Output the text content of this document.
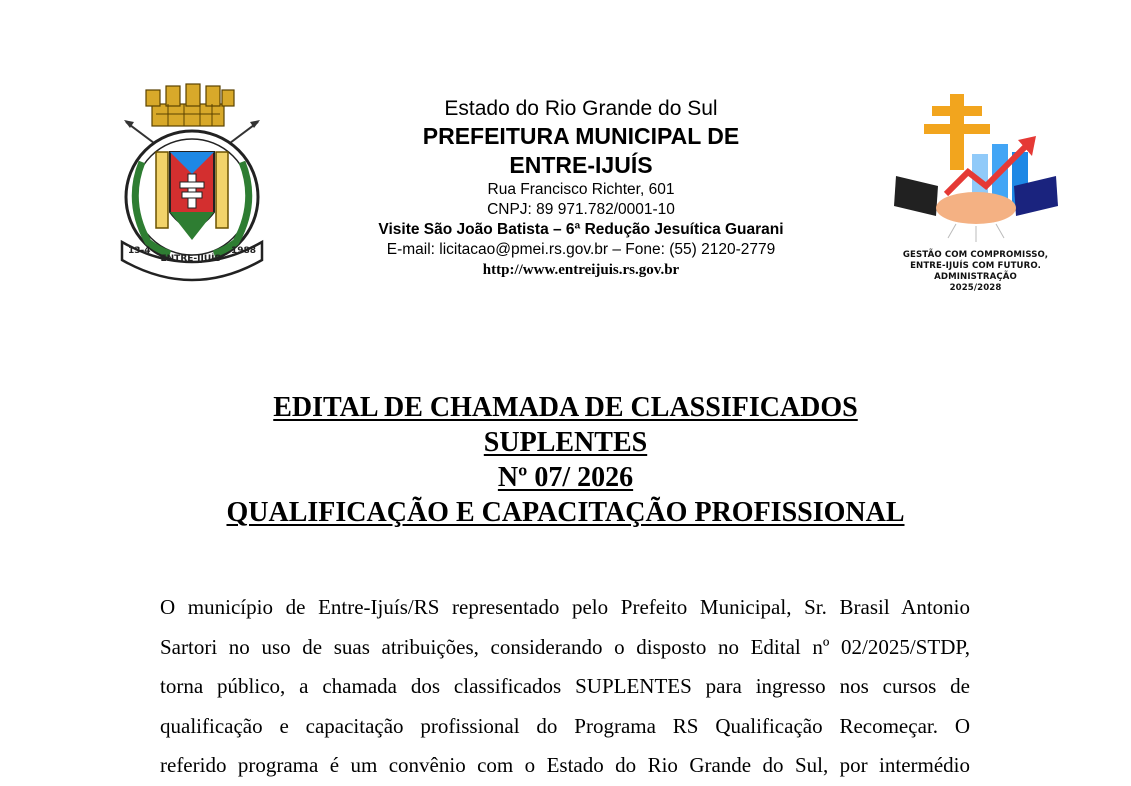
13-4
ENTRE-IJUÍS
1988
Estado do Rio Grande do Sul
PREFEITURA MUNICIPAL DE
ENTRE-IJUÍS
Rua Francisco Richter, 601
CNPJ: 89 971.782/0001-10
Visite São João Batista – 6ª Redução Jesuítica Guarani
E-mail: licitacao@pmei.rs.gov.br – Fone: (55) 2120-2779
http://www.entreijuis.rs.gov.br
GESTÃO COM COMPROMISSO,
ENTRE-IJUÍS COM FUTURO.
ADMINISTRAÇÃO
2025/2028
EDITAL DE CHAMADA DE CLASSIFICADOS
SUPLENTES
Nº 07/ 2026
QUALIFICAÇÃO E CAPACITAÇÃO PROFISSIONAL
O município de Entre-Ijuís/RS representado pelo Prefeito Municipal, Sr. Brasil Antonio
Sartori no uso de suas atribuições, considerando o disposto no Edital nº 02/2025/STDP,
torna público, a chamada dos classificados SUPLENTES para ingresso nos cursos de
qualificação e capacitação profissional do Programa RS Qualificação Recomeçar. O
referido programa é um convênio com o Estado do Rio Grande do Sul, por intermédio
